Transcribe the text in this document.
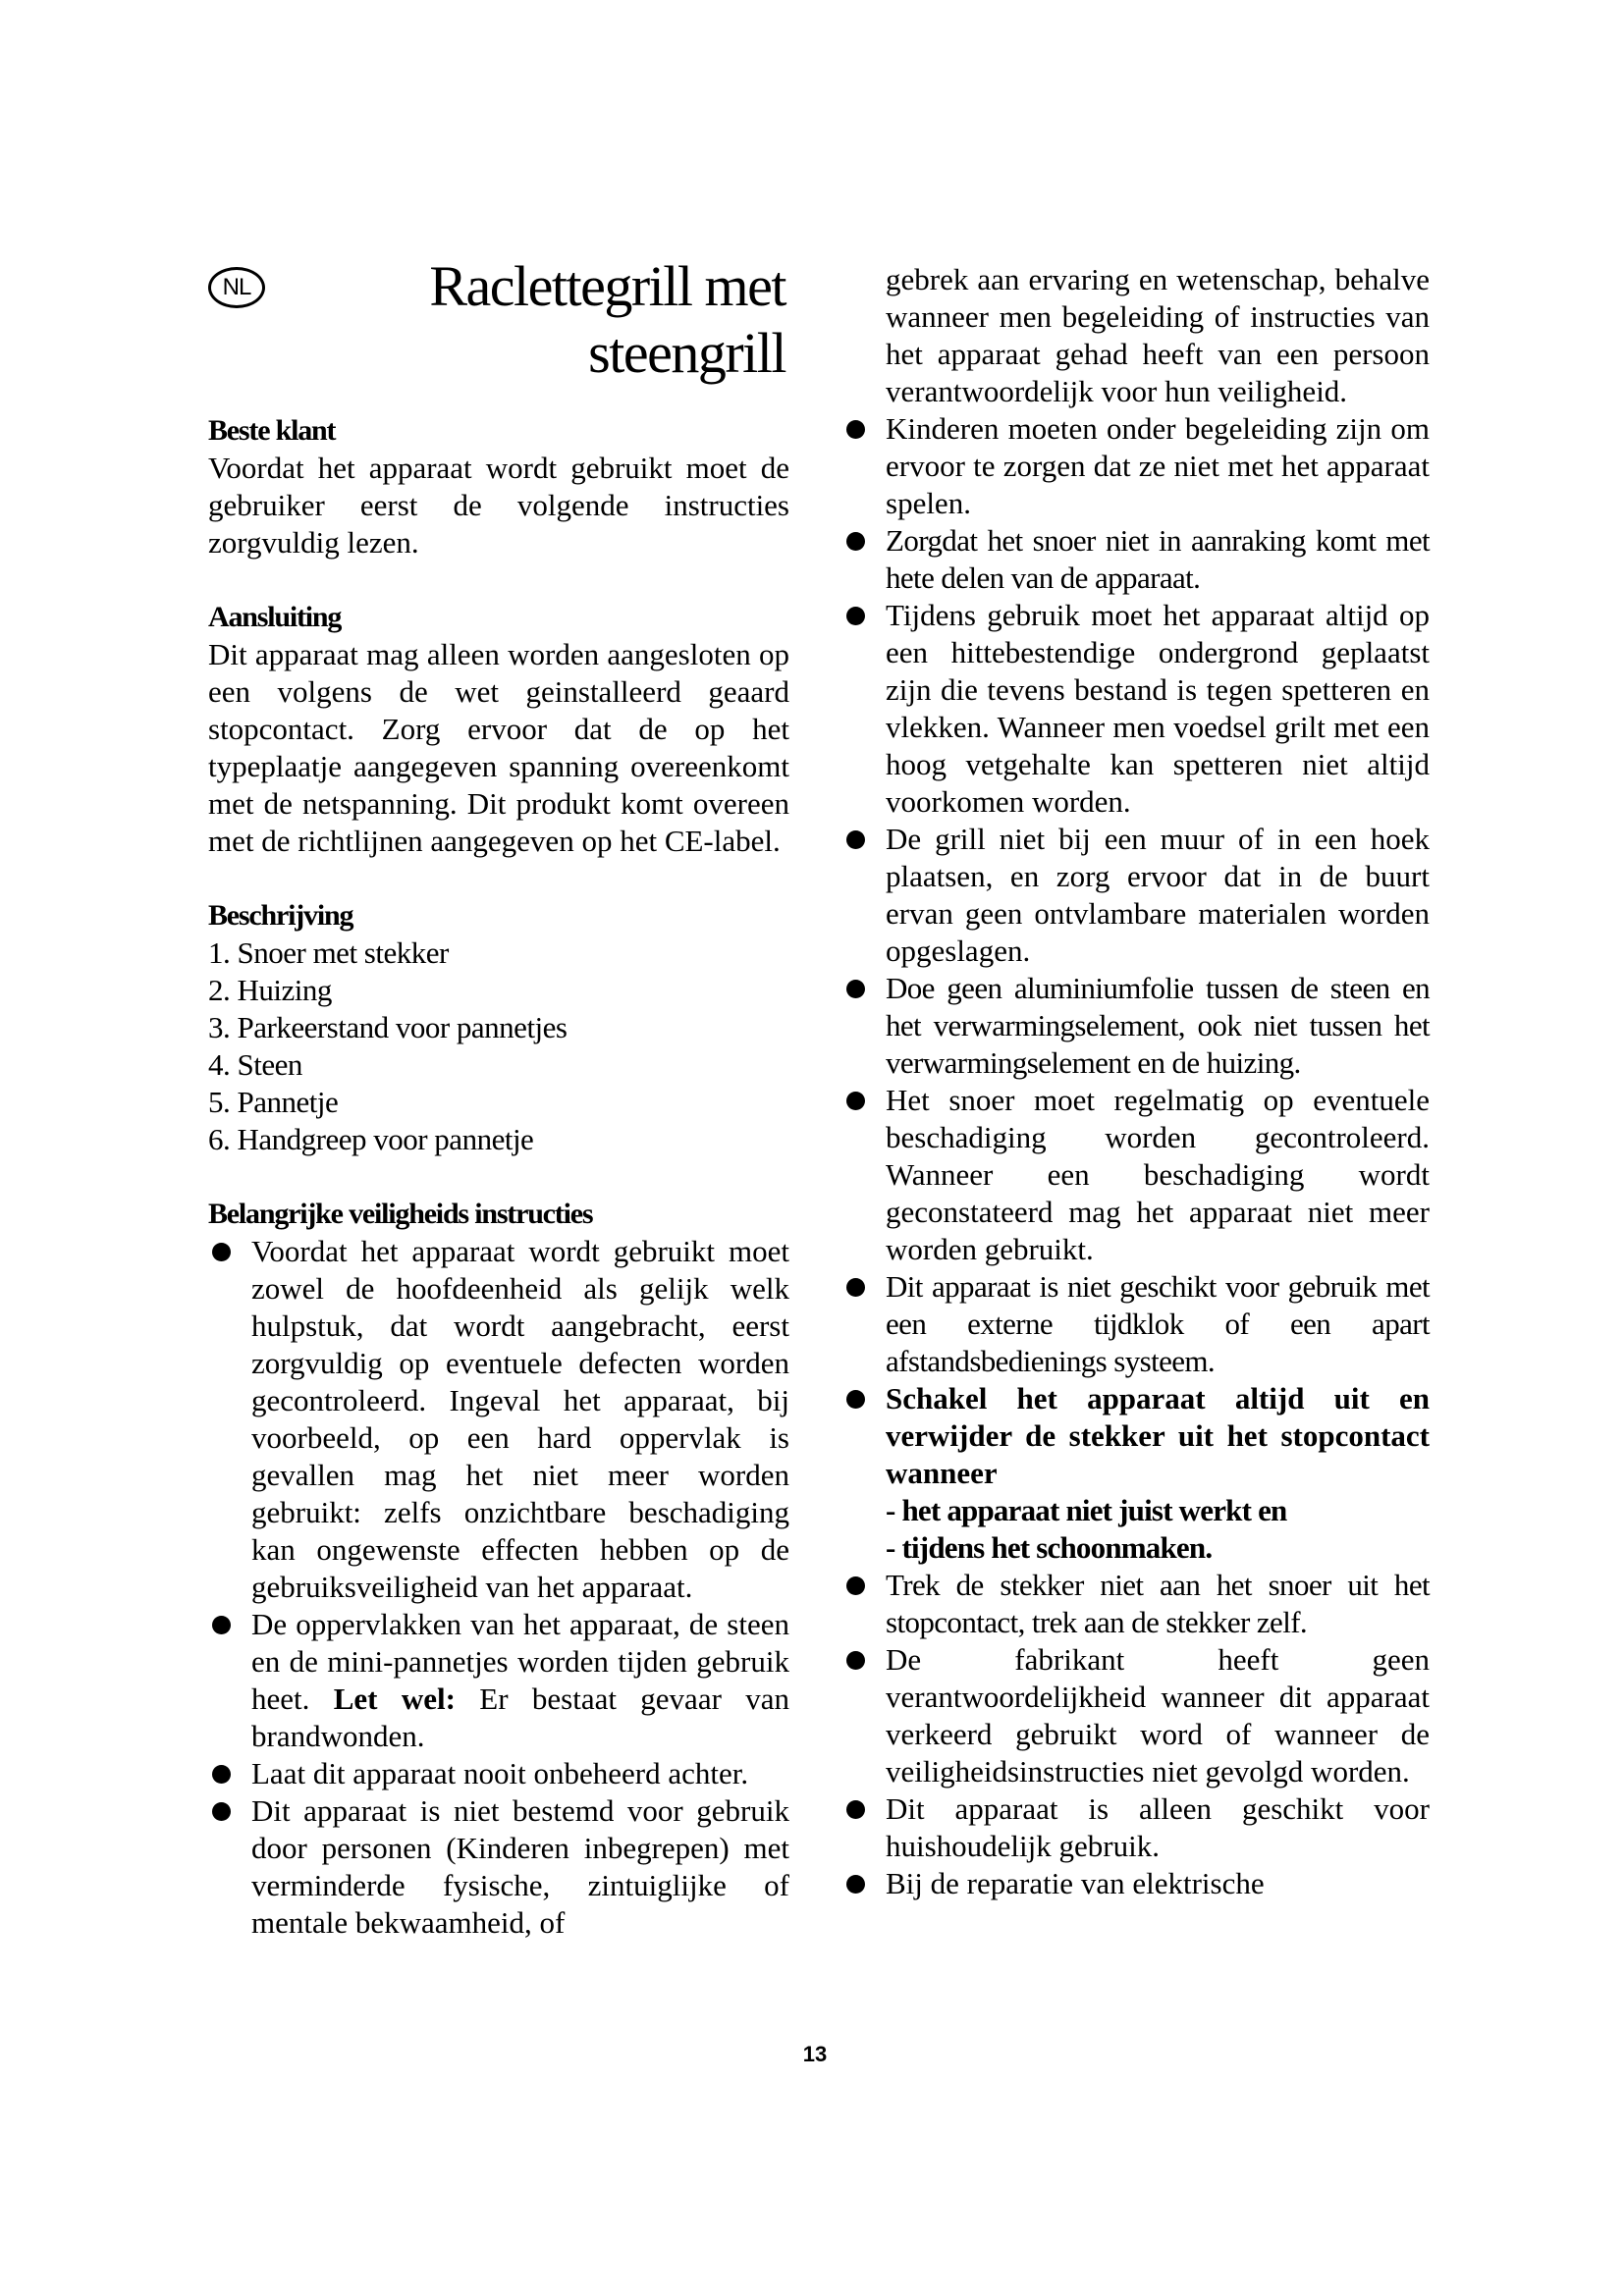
NL	Raclettegrill met
steengrill
Beste klant

Voordat het apparaat wordt gebruikt moet de gebruiker eerst de volgende instructies zorgvuldig lezen.

Aansluiting

Dit apparaat mag alleen worden aangesloten op een volgens de wet geinstalleerd geaard stopcontact. Zorg ervoor dat de op het typeplaatje aangegeven spanning overeenkomt met de netspanning. Dit produkt komt overeen met de richtlijnen aangegeven op het CE-label.

Beschrijving
1. Snoer met stekker
2. Huizing
3. Parkeerstand voor pannetjes
4. Steen
5. Pannetje
6. Handgreep voor pannetje
Belangrijke veiligheids instructies
Voordat het apparaat wordt gebruikt moet zowel de hoofdeenheid als gelijk welk hulpstuk, dat wordt aangebracht, eerst zorgvuldig op eventuele defecten worden gecontroleerd. Ingeval het apparaat, bij voorbeeld, op een hard oppervlak is gevallen mag het niet meer worden gebruikt: zelfs onzichtbare beschadiging kan ongewenste effecten hebben op de gebruiksveiligheid van het apparaat.
De oppervlakken van het apparaat, de steen en de mini-pannetjes worden tijden gebruik heet. Let wel: Er bestaat gevaar van brandwonden.
Laat dit apparaat nooit onbeheerd achter.
Dit apparaat is niet bestemd voor gebruik door personen (Kinderen inbegrepen) met verminderde fysische, zintuiglijke of mentale bekwaamheid, of

gebrek aan ervaring en wetenschap, behalve wanneer men begeleiding of instructies van het apparaat gehad heeft van een persoon verantwoordelijk voor hun veiligheid.

Kinderen moeten onder begeleiding zijn om ervoor te zorgen dat ze niet met het apparaat spelen.
Zorgdat het snoer niet in aanraking komt met hete delen van de apparaat.
Tijdens gebruik moet het apparaat altijd op een hittebestendige ondergrond geplaatst zijn die tevens bestand is tegen spetteren en vlekken. Wanneer men voedsel grilt met een hoog vetgehalte kan spetteren niet altijd voorkomen worden.
De grill niet bij een muur of in een hoek plaatsen, en zorg ervoor dat in de buurt ervan geen ontvlambare materialen worden opgeslagen.
Doe geen aluminiumfolie tussen de steen en het verwarmingselement, ook niet tussen het verwarmingselement en de huizing.
Het snoer moet regelmatig op eventuele beschadiging worden gecontroleerd. Wanneer een beschadiging wordt geconstateerd mag het apparaat niet meer worden gebruikt.
Dit apparaat is niet geschikt voor gebruik met een externe tijdklok of een apart afstandsbedienings systeem.
Schakel het apparaat altijd uit en verwijder de stekker uit het stopcontact wanneer
- het apparaat niet juist werkt en
- tijdens het schoonmaken.
Trek de stekker niet aan het snoer uit het stopcontact, trek aan de stekker zelf.
De fabrikant heeft geen verantwoordelijkheid wanneer dit apparaat verkeerd gebruikt word of wanneer de veiligheidsinstructies niet gevolgd worden.
Dit apparaat is alleen geschikt voor huishoudelijk gebruik.
Bij de reparatie van elektrische
13
